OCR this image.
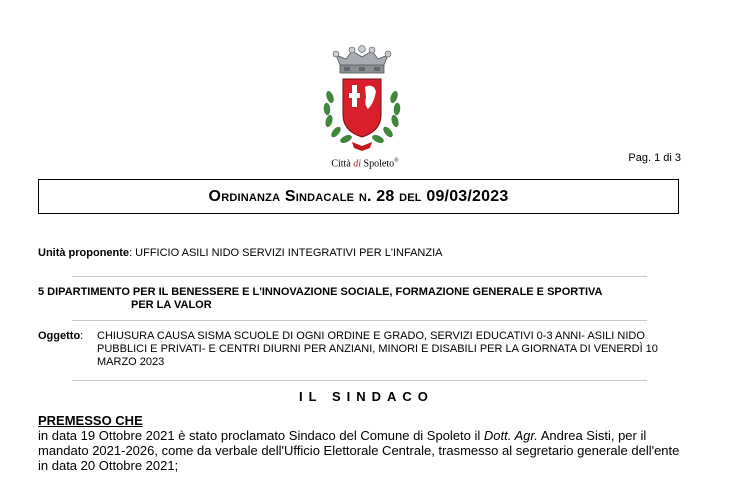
Città di Spoleto®	Pag. 1 di 3
Ordinanza Sindacale n. 28 del 09/03/2023
Unità proponente: UFFICIO ASILI NIDO SERVIZI INTEGRATIVI PER L'INFANZIA
5 DIPARTIMENTO PER IL BENESSERE E L'INNOVAZIONE SOCIALE, FORMAZIONE GENERALE E SPORTIVA
PER LA VALOR
Oggetto: CHIUSURA CAUSA SISMA SCUOLE DI OGNI ORDINE E GRADO, SERVIZI EDUCATIVI 0-3 ANNI- ASILI NIDO PUBBLICI E PRIVATI- E CENTRI DIURNI PER ANZIANI, MINORI E DISABILI PER LA GIORNATA DI VENERDÌ 10 MARZO 2023
IL SINDACO
PREMESSO CHE
in data 19 Ottobre 2021 è stato proclamato Sindaco del Comune di Spoleto il Dott. Agr. Andrea Sisti, per il mandato 2021-2026, come da verbale dell'Ufficio Elettorale Centrale, trasmesso al segretario generale dell'ente in data 20 Ottobre 2021;
